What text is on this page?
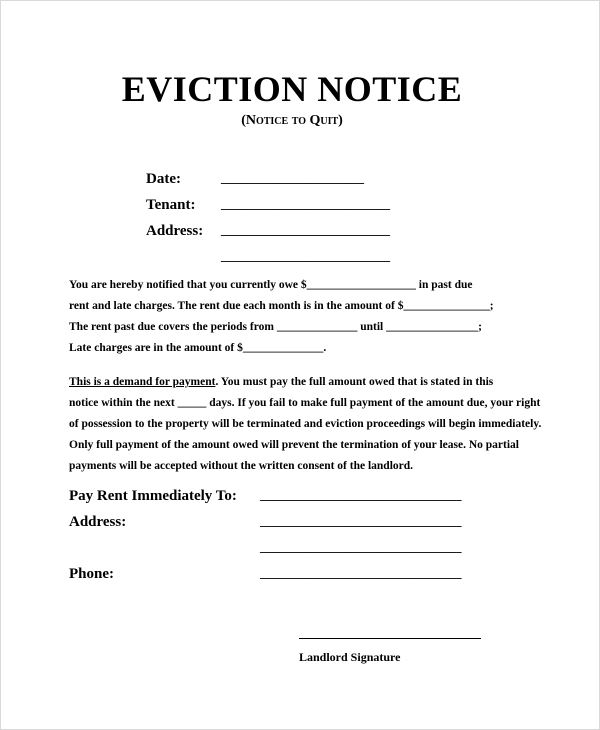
EVICTION NOTICE
(Notice to Quit)
Date:	______________________
Tenant: __________________________
Address: __________________________
__________________________
You are hereby notified that you currently owe $___________________ in past due
rent and late charges. The rent due each month is in the amount of $_______________;
The rent past due covers the periods from ______________ until ________________;
Late charges are in the amount of $______________.
This is a demand for payment. You must pay the full amount owed that is stated in this
notice within the next _____ days. If you fail to make full payment of the amount due, your right
of possession to the property will be terminated and eviction proceedings will begin immediately.
Only full payment of the amount owed will prevent the termination of your lease. No partial
payments will be accepted without the written consent of the landlord.
Pay Rent Immediately To: _______________________________
Address:	_______________________________
_______________________________
Phone:	_______________________________
Landlord Signature
